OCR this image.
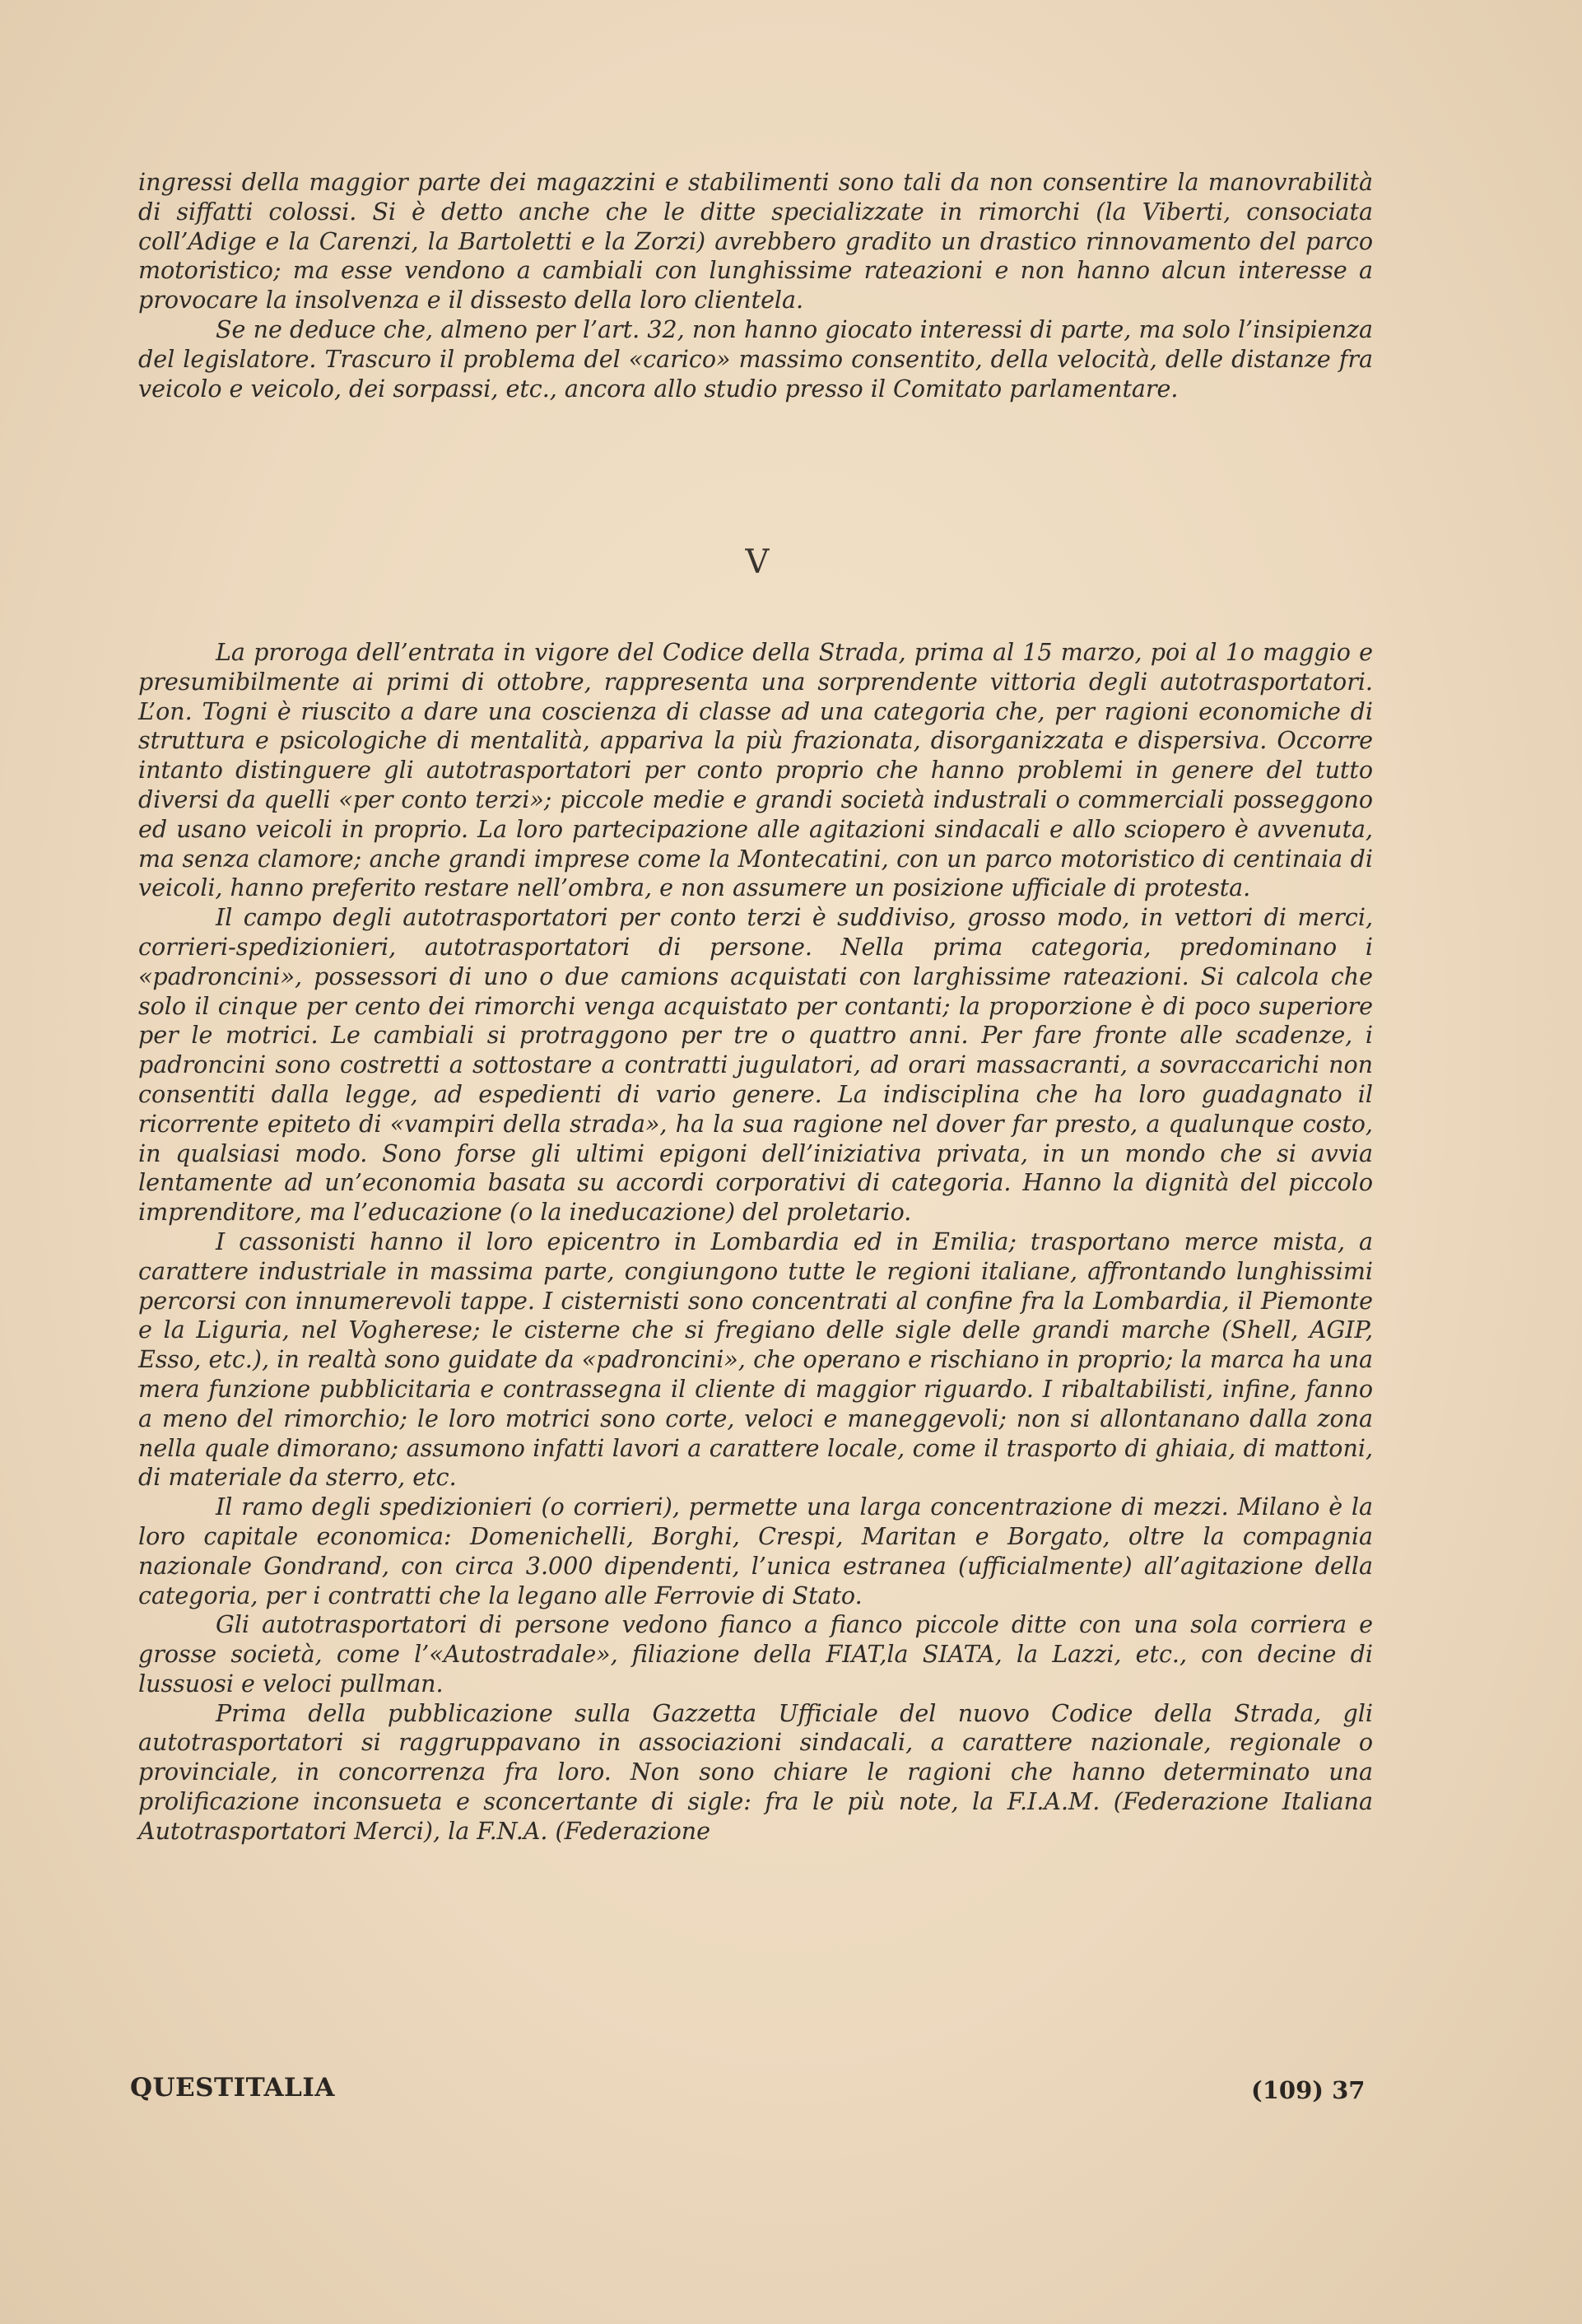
ingressi della maggior parte dei magazzini e stabilimenti sono tali da non consentire la manovrabilità di siffatti colossi. Si è detto anche che le ditte specializzate in rimorchi (la Viberti, consociata coll’Adige e la Carenzi, la Bartoletti e la Zorzi) avrebbero gradito un drastico rinnovamento del parco motoristico; ma esse vendono a cambiali con lunghissime rateazioni e non hanno alcun interesse a provocare la insolvenza e il dissesto della loro clientela.

Se ne deduce che, almeno per l’art. 32, non hanno giocato interessi di parte, ma solo l’insipienza del legislatore. Trascuro il problema del «carico» massimo consentito, della velocità, delle distanze fra veicolo e veicolo, dei sorpassi, etc., ancora allo studio presso il Comitato parlamentare.

V

La proroga dell’entrata in vigore del Codice della Strada, prima al 15 marzo, poi al 1o maggio e presumibilmente ai primi di ottobre, rappresenta una sorprendente vittoria degli autotrasportatori. L’on. Togni è riuscito a dare una coscienza di classe ad una categoria che, per ragioni economiche di struttura e psicologiche di mentalità, appariva la più frazionata, disorganizzata e dispersiva. Occorre intanto distinguere gli autotrasportatori per conto proprio che hanno problemi in genere del tutto diversi da quelli «per conto terzi»; piccole medie e grandi società industrali o commerciali posseggono ed usano veicoli in proprio. La loro partecipazione alle agitazioni sindacali e allo sciopero è avvenuta, ma senza clamore; anche grandi imprese come la Montecatini, con un parco motoristico di centinaia di veicoli, hanno preferito restare nell’ombra, e non assumere un posizione ufficiale di protesta.

Il campo degli autotrasportatori per conto terzi è suddiviso, grosso modo, in vettori di merci, corrieri-spedizionieri, autotrasportatori di persone. Nella prima categoria, predominano i «padroncini», possessori di uno o due camions acquistati con larghissime rateazioni. Si calcola che solo il cinque per cento dei rimorchi venga acquistato per contanti; la proporzione è di poco superiore per le motrici. Le cambiali si protraggono per tre o quattro anni. Per fare fronte alle scadenze, i padroncini sono costretti a sottostare a contratti jugulatori, ad orari massacranti, a sovraccarichi non consentiti dalla legge, ad espedienti di vario genere. La indisciplina che ha loro guadagnato il ricorrente epiteto di «vampiri della strada», ha la sua ragione nel dover far presto, a qualunque costo, in qualsiasi modo. Sono forse gli ultimi epigoni dell’iniziativa privata, in un mondo che si avvia lentamente ad un’economia basata su accordi corporativi di categoria. Hanno la dignità del piccolo imprenditore, ma l’educazione (o la ineducazione) del proletario.

I cassonisti hanno il loro epicentro in Lombardia ed in Emilia; trasportano merce mista, a carattere industriale in massima parte, congiungono tutte le regioni italiane, affrontando lunghissimi percorsi con innumerevoli tappe. I cisternisti sono concentrati al confine fra la Lombardia, il Piemonte e la Liguria, nel Vogherese; le cisterne che si fregiano delle sigle delle grandi marche (Shell, AGIP, Esso, etc.), in realtà sono guidate da «padroncini», che operano e rischiano in proprio; la marca ha una mera funzione pubblicitaria e contrassegna il cliente di maggior riguardo. I ribaltabilisti, infine, fanno a meno del rimorchio; le loro motrici sono corte, veloci e maneggevoli; non si allontanano dalla zona nella quale dimorano; assumono infatti lavori a carattere locale, come il trasporto di ghiaia, di mattoni, di materiale da sterro, etc.

Il ramo degli spedizionieri (o corrieri), permette una larga concentrazione di mezzi. Milano è la loro capitale economica: Domenichelli, Borghi, Crespi, Maritan e Borgato, oltre la compagnia nazionale Gondrand, con circa 3.000 dipendenti, l’unica estranea (ufficialmente) all’agitazione della categoria, per i contratti che la legano alle Ferrovie di Stato.

Gli autotrasportatori di persone vedono fianco a fianco piccole ditte con una sola corriera e grosse società, come l’«Autostradale», filiazione della FIAT,la SIATA, la Lazzi, etc., con decine di lussuosi e veloci pullman.

Prima della pubblicazione sulla Gazzetta Ufficiale del nuovo Codice della Strada, gli autotrasportatori si raggruppavano in associazioni sindacali, a carattere nazionale, regionale o provinciale, in concorrenza fra loro. Non sono chiare le ragioni che hanno determinato una prolificazione inconsueta e sconcertante di sigle: fra le più note, la F.I.A.M. (Federazione Italiana Autotrasportatori Merci), la F.N.A. (Federazione

QUESTITALIA	(109) 37
